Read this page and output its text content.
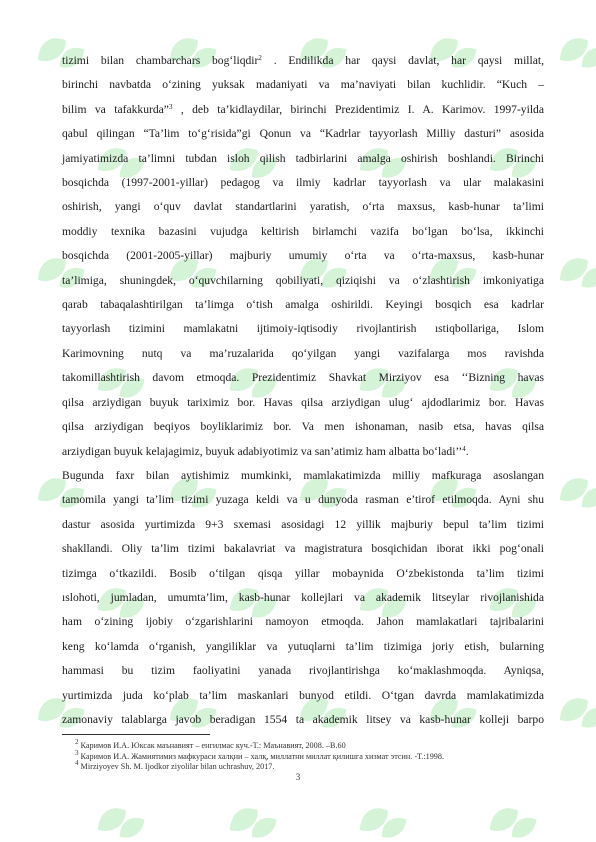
tizimi bilan chambarchars bog‘liqdir$^2$ . Endilikda har qaysi davlat, har qaysi millat,
birinchi navbatda o‘zining yuksak madaniyati va ma’naviyati bilan kuchlidir. “Kuch –
bilim va tafakkurda”$^3$ , deb ta’kidlaydilar, birinchi Prezidentimiz I. A. Karimov. 1997-yilda
qabul qilingan “Ta’lim to‘g‘risida”gi Qonun va “Kadrlar tayyorlash Milliy dasturi” asosida
jamiyatimizda ta’limni tubdan isloh qilish tadbirlarini amalga oshirish boshlandi. Birinchi
bosqichda (1997-2001-yillar) pedagog va ilmiy kadrlar tayyorlash va ular malakasini
oshirish, yangi o‘quv davlat standartlarini yaratish, o‘rta maxsus, kasb-hunar ta’limi
moddiy texnika bazasini vujudga keltirish birlamchi vazifa bo‘lgan bo‘lsa, ikkinchi
bosqichda (2001-2005-yillar) majburiy umumiy o‘rta va o‘rta-maxsus, kasb-hunar
ta’limiga, shuningdek, o‘quvchilarning qobiliyati, qiziqishi va o‘zlashtirish imkoniyatiga
qarab tabaqalashtirilgan ta’limga o‘tish amalga oshirildi. Keyingi bosqich esa kadrlar
tayyorlash tizimini mamlakatni ijtimoiy-iqtisodiy rivojlantirish ıstiqbollariga, Islom
Karimovning nutq va ma’ruzalarida qo‘yilgan yangi vazifalarga mos ravishda
takomillashtirish davom etmoqda. Prezidentimiz Shavkat Mirziyov esa ‘‘Bizning havas
qilsa arziydigan buyuk tariximiz bor. Havas qilsa arziydigan ulug‘ ajdodlarimiz bor. Havas
qilsa arziydigan beqiyos boyliklarimiz bor. Va men ishonaman, nasib etsa, havas qilsa
arziydigan buyuk kelajagimiz, buyuk adabiyotimiz va san’atimiz ham albatta bo‘ladi’’$^4$.
Bugunda faxr bilan aytishimiz mumkinki, mamlakatimizda milliy mafkuraga asoslangan
tamomila yangi ta’lim tizimi yuzaga keldi va u dunyoda rasman e’tirof etilmoqda. Ayni shu
dastur asosida yurtimizda 9+3 sxemasi asosidagi 12 yillik majburiy bepul ta’lim tizimi
shakllandi. Oliy ta’lim tizimi bakalavriat va magistratura bosqichidan iborat ikki pog‘onali
tizimga o‘tkazildi. Bosib o‘tilgan qisqa yillar mobaynida O‘zbekistonda ta’lim tizimi
ıslohoti, jumladan, umumta’lim, kasb-hunar kollejlari va akademik litseylar rivojlanishida
ham o‘zining ijobiy o‘zgarishlarini namoyon etmoqda. Jahon mamlakatlari tajribalarini
keng ko‘lamda o‘rganish, yangiliklar va yutuqlarni ta’lim tizimiga joriy etish, bularning
hammasi bu tizim faoliyatini yanada rivojlantirishga ko‘maklashmoqda. Ayniqsa,
yurtimizda juda ko‘plab ta’lim maskanlari bunyod etildi. O‘tgan davrda mamlakatimizda
zamonaviy talablarga javob beradigan 1554 ta akademik litsey va kasb-hunar kolleji barpo
$^2$ Каримов И.А. Юксак маънавият – енгилмас куч.-Т.: Маънавият, 2008. –В.60
$^3$ Каримов И.А. Жамиятимиз мафкураси халқни – халқ, миллатни миллат қилишга хизмат этсин. -Т.:1998.
$^4$ Mirziyoyev Sh. M. Ijodkor ziyolilar bilan uchrashuv, 2017.
3
